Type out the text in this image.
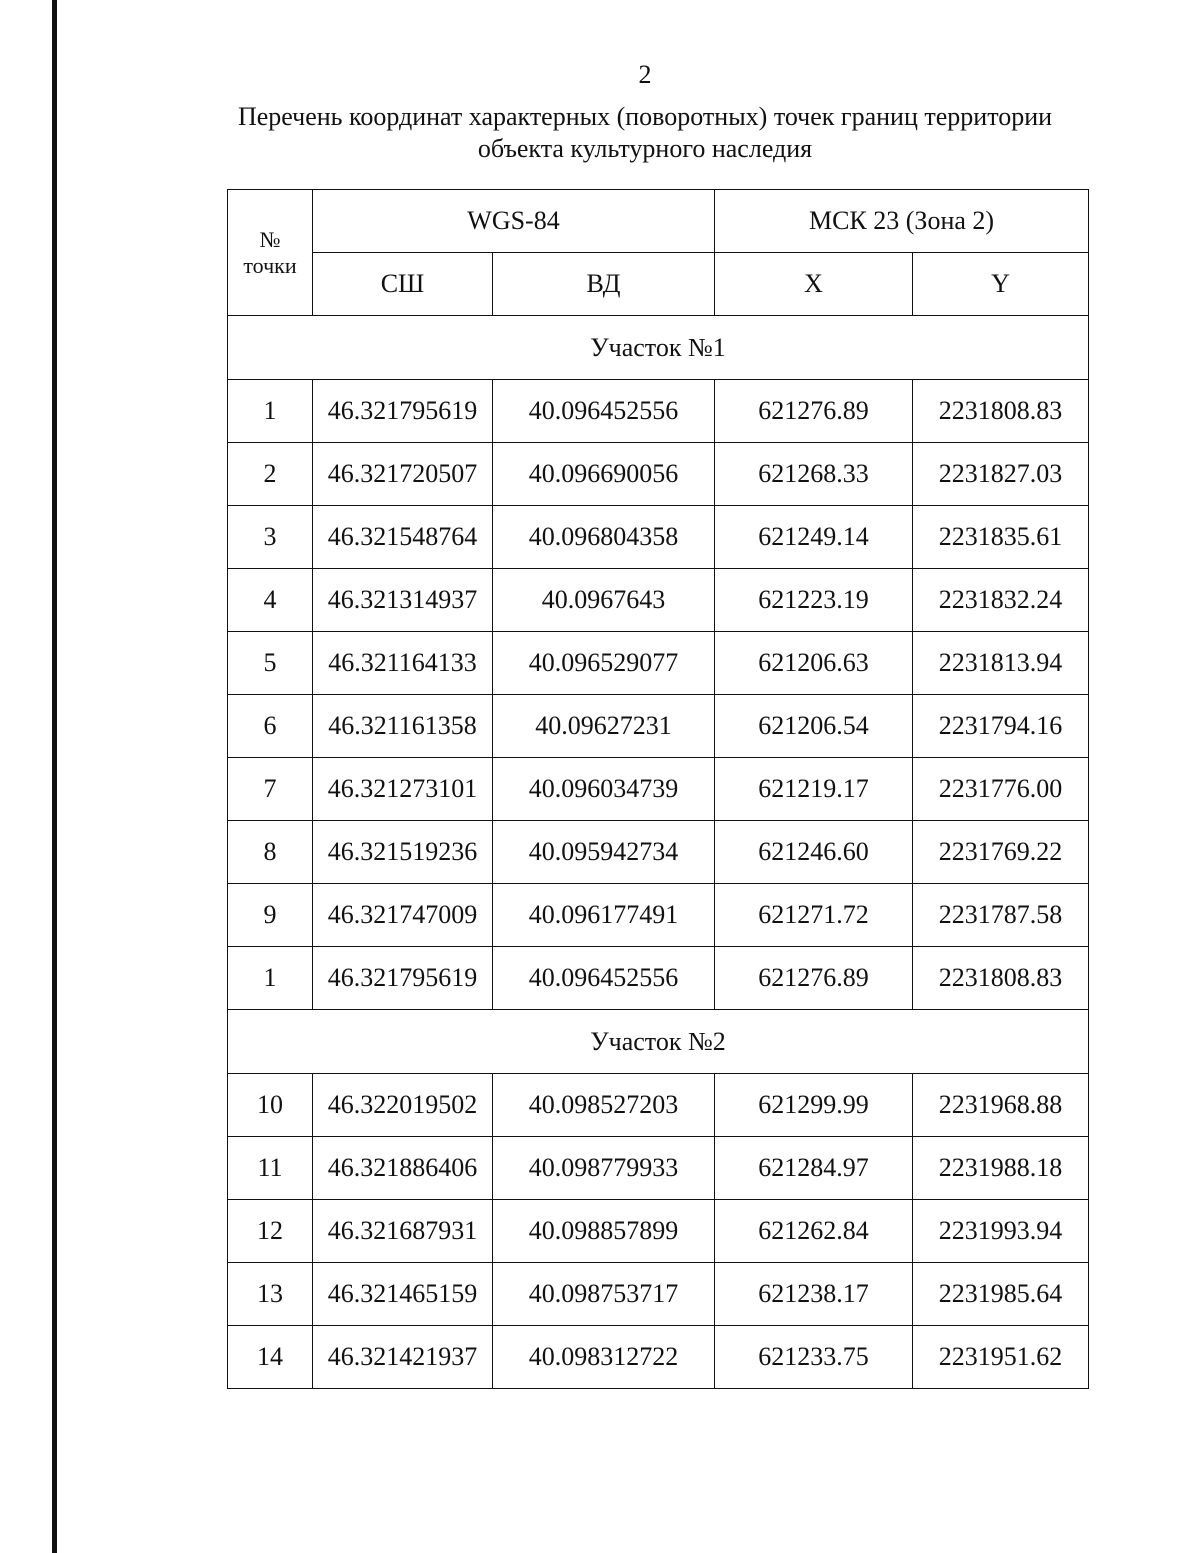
2
Перечень координат характерных (поворотных) точек границ территории
объекта культурного наследия
№
точки	WGS-84		МСК 23 (Зона 2)	
	СШ	ВД	X	Y
Участок №1				
1	46.321795619	40.096452556	621276.89	2231808.83
2	46.321720507	40.096690056	621268.33	2231827.03
3	46.321548764	40.096804358	621249.14	2231835.61
4	46.321314937	40.0967643	621223.19	2231832.24
5	46.321164133	40.096529077	621206.63	2231813.94
6	46.321161358	40.09627231	621206.54	2231794.16
7	46.321273101	40.096034739	621219.17	2231776.00
8	46.321519236	40.095942734	621246.60	2231769.22
9	46.321747009	40.096177491	621271.72	2231787.58
1	46.321795619	40.096452556	621276.89	2231808.83
Участок №2				
10	46.322019502	40.098527203	621299.99	2231968.88
11	46.321886406	40.098779933	621284.97	2231988.18
12	46.321687931	40.098857899	621262.84	2231993.94
13	46.321465159	40.098753717	621238.17	2231985.64
14	46.321421937	40.098312722	621233.75	2231951.62
